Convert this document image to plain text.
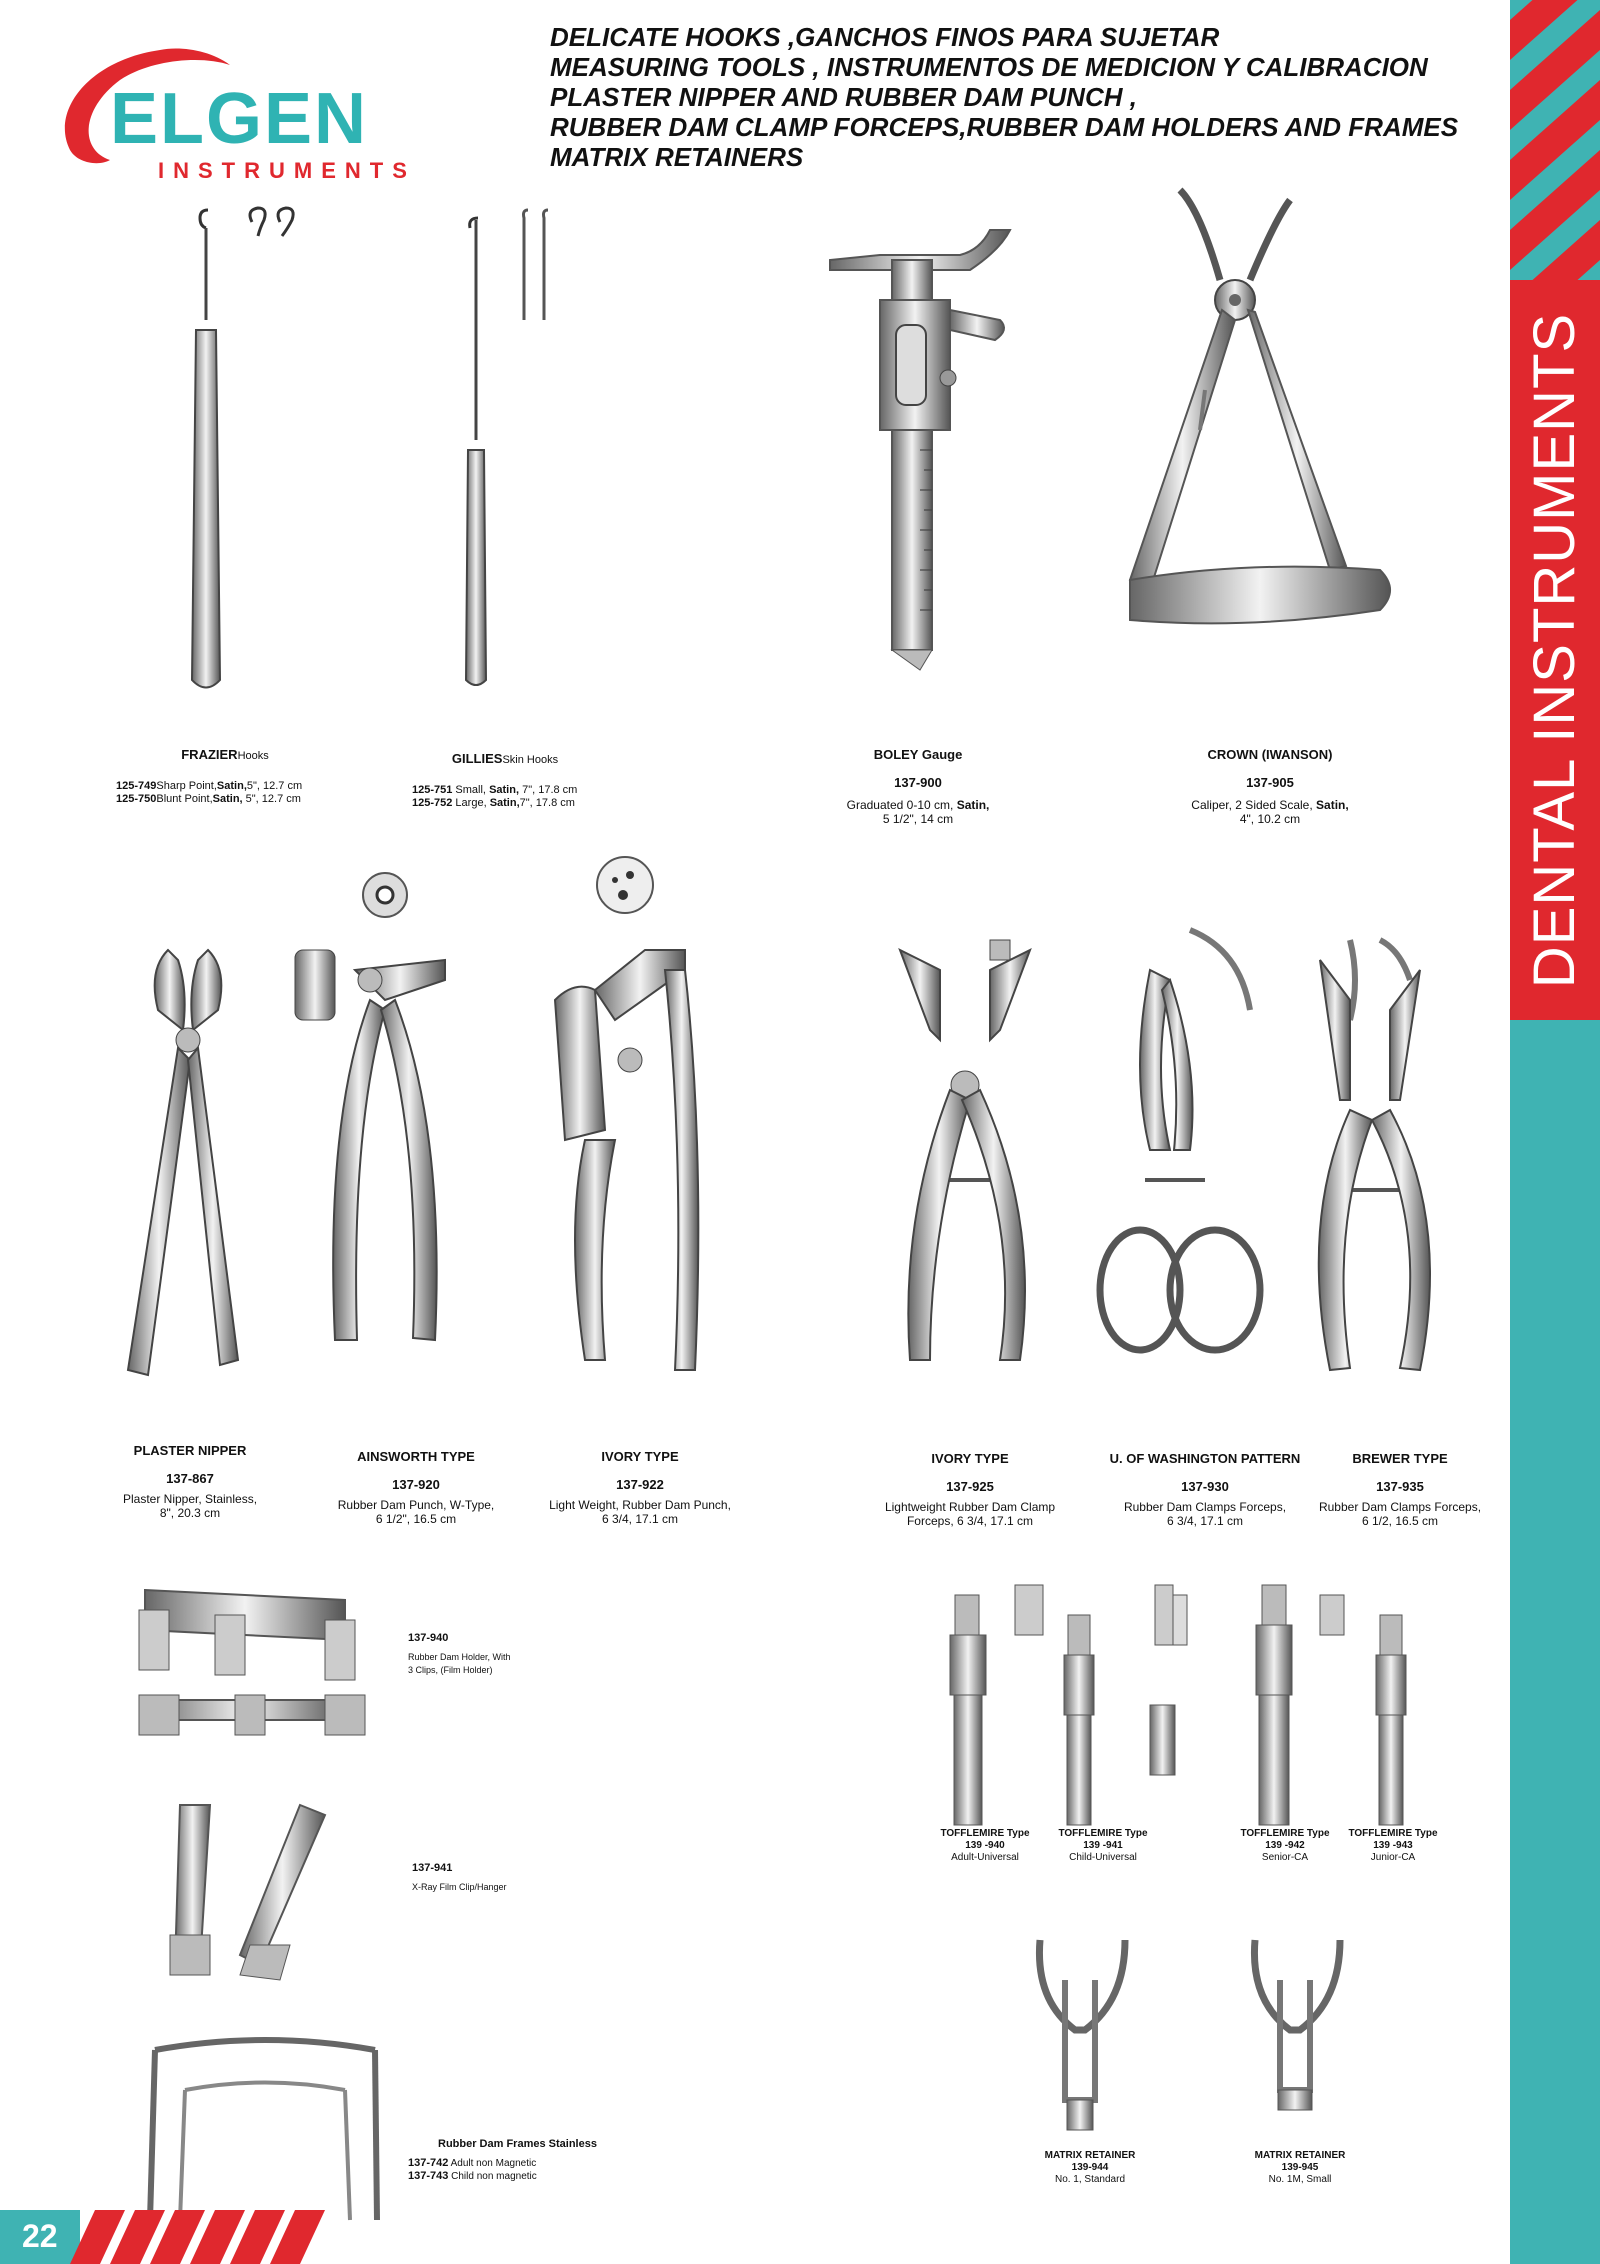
DENTAL INSTRUMENTS
ELGEN
INSTRUMENTS
DELICATE HOOKS ,GANCHOS FINOS PARA SUJETAR
MEASURING TOOLS , INSTRUMENTOS DE MEDICION Y CALIBRACION
PLASTER NIPPER AND RUBBER DAM PUNCH ,
RUBBER DAM CLAMP FORCEPS,RUBBER DAM HOLDERS AND FRAMES
MATRIX RETAINERS
FRAZIERHooks
125-749Sharp Point,Satin,5", 12.7 cm
125-750Blunt Point,Satin, 5", 12.7 cm
GILLIESSkin Hooks
125-751 Small, Satin, 7", 17.8 cm
125-752 Large, Satin,7", 17.8 cm
BOLEY Gauge
137-900
Graduated 0-10 cm, Satin,
5 1/2", 14 cm
CROWN (IWANSON)
137-905
Caliper, 2 Sided Scale, Satin,
4", 10.2 cm
PLASTER NIPPER
137-867
Plaster Nipper, Stainless,
8", 20.3 cm
AINSWORTH TYPE
137-920
Rubber Dam Punch, W-Type,
6 1/2", 16.5 cm
IVORY TYPE
137-922
Light Weight, Rubber Dam Punch,
6 3/4, 17.1 cm
IVORY TYPE
137-925
Lightweight Rubber Dam Clamp
Forceps, 6 3/4, 17.1 cm
U. OF WASHINGTON PATTERN
137-930
Rubber Dam Clamps Forceps,
6 3/4, 17.1 cm
BREWER TYPE
137-935
Rubber Dam Clamps Forceps,
6 1/2, 16.5 cm
137-940
Rubber Dam Holder, With
3 Clips, (Film Holder)
137-941
X-Ray Film Clip/Hanger
Rubber Dam Frames Stainless
137-742 Adult non Magnetic
137-743 Child non magnetic
TOFFLEMIRE Type
139 -940
Adult-Universal
TOFFLEMIRE Type
139 -941
Child-Universal
TOFFLEMIRE Type
139 -942
Senior-CA
TOFFLEMIRE Type
139 -943
Junior-CA
MATRIX RETAINER
139-944
No. 1, Standard
MATRIX RETAINER
139-945
No. 1M, Small
22
